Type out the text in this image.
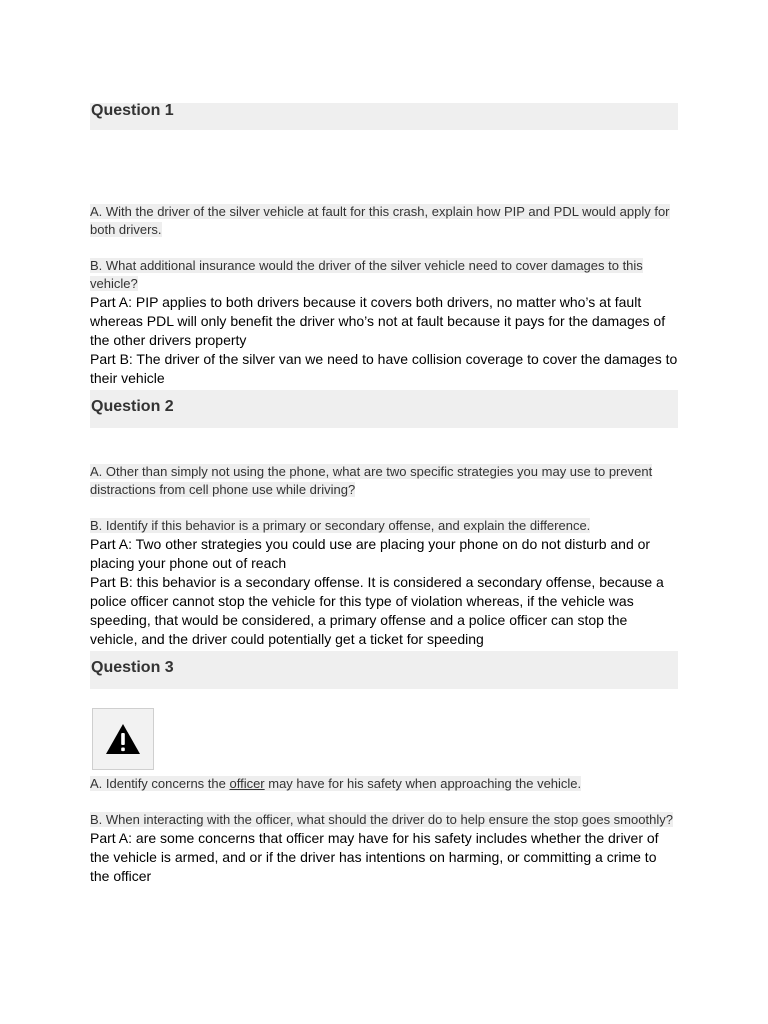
Question 1
A. With the driver of the silver vehicle at fault for this crash, explain how PIP and PDL would apply for both drivers.
B. What additional insurance would the driver of the silver vehicle need to cover damages to this vehicle?
Part A: PIP applies to both drivers because it covers both drivers, no matter who’s at fault whereas PDL will only benefit the driver who’s not at fault because it pays for the damages of the other drivers property
Part B: The driver of the silver van we need to have collision coverage to cover the damages to their vehicle
Question 2
A. Other than simply not using the phone, what are two specific strategies you may use to prevent distractions from cell phone use while driving?
B. Identify if this behavior is a primary or secondary offense, and explain the difference.
Part A: Two other strategies you could use are placing your phone on do not disturb and or placing your phone out of reach
Part B: this behavior is a secondary offense. It is considered a secondary offense, because a police officer cannot stop the vehicle for this type of violation whereas, if the vehicle was speeding, that would be considered, a primary offense and a police officer can stop the vehicle, and the driver could potentially get a ticket for speeding
Question 3
A. Identify concerns the officer may have for his safety when approaching the vehicle.
B. When interacting with the officer, what should the driver do to help ensure the stop goes smoothly?
Part A: are some concerns that officer may have for his safety includes whether the driver of the vehicle is armed, and or if the driver has intentions on harming, or committing a crime to the officer
